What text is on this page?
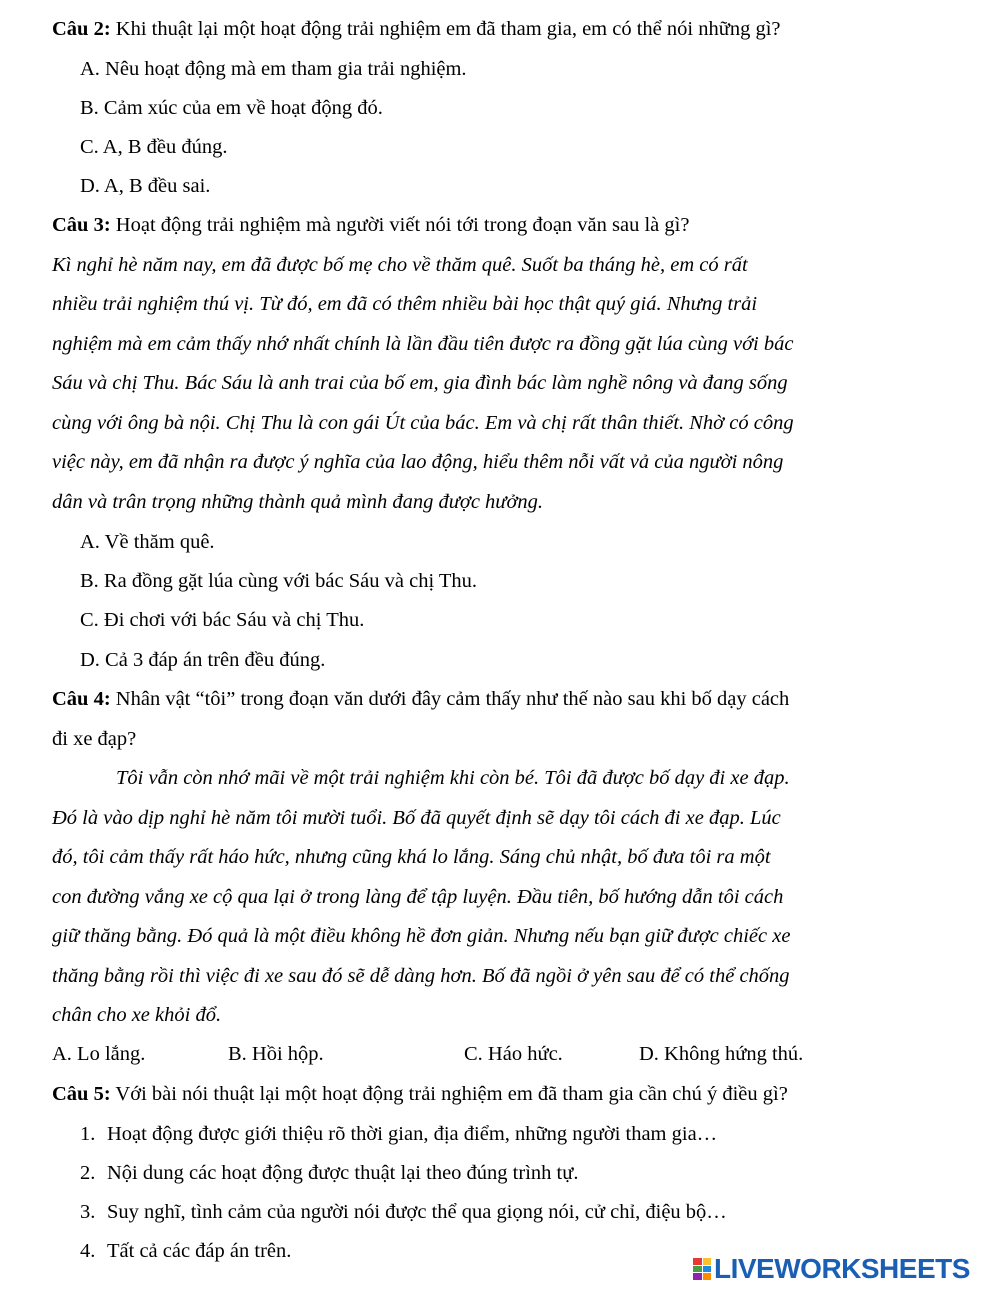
Câu 2: Khi thuật lại một hoạt động trải nghiệm em đã tham gia, em có thể nói những gì?
A. Nêu hoạt động mà em tham gia trải nghiệm.
B. Cảm xúc của em về hoạt động đó.
C. A, B đều đúng.
D. A, B đều sai.
Câu 3: Hoạt động trải nghiệm mà người viết nói tới trong đoạn văn sau là gì?
Kì nghỉ hè năm nay, em đã được bố mẹ cho về thăm quê. Suốt ba tháng hè, em có rất
nhiều trải nghiệm thú vị. Từ đó, em đã có thêm nhiều bài học thật quý giá. Nhưng trải
nghiệm mà em cảm thấy nhớ nhất chính là lần đầu tiên được ra đồng gặt lúa cùng với bác
Sáu và chị Thu. Bác Sáu là anh trai của bố em, gia đình bác làm nghề nông và đang sống
cùng với ông bà nội. Chị Thu là con gái Út của bác. Em và chị rất thân thiết. Nhờ có công
việc này, em đã nhận ra được ý nghĩa của lao động, hiểu thêm nỗi vất vả của người nông
dân và trân trọng những thành quả mình đang được hưởng.
A. Về thăm quê.
B. Ra đồng gặt lúa cùng với bác Sáu và chị Thu.
C. Đi chơi với bác Sáu và chị Thu.
D. Cả 3 đáp án trên đều đúng.
Câu 4: Nhân vật “tôi” trong đoạn văn dưới đây cảm thấy như thế nào sau khi bố dạy cách
đi xe đạp?
Tôi vẫn còn nhớ mãi về một trải nghiệm khi còn bé. Tôi đã được bố dạy đi xe đạp.
Đó là vào dịp nghỉ hè năm tôi mười tuổi. Bố đã quyết định sẽ dạy tôi cách đi xe đạp. Lúc
đó, tôi cảm thấy rất háo hức, nhưng cũng khá lo lắng. Sáng chủ nhật, bố đưa tôi ra một
con đường vắng xe cộ qua lại ở trong làng để tập luyện. Đầu tiên, bố hướng dẫn tôi cách
giữ thăng bằng. Đó quả là một điều không hề đơn giản. Nhưng nếu bạn giữ được chiếc xe
thăng bằng rồi thì việc đi xe sau đó sẽ dễ dàng hơn. Bố đã ngồi ở yên sau để có thể chống
chân cho xe khỏi đổ.
A. Lo lắng.	B. Hồi hộp.	C. Háo hức.	D. Không hứng thú.
Câu 5: Với bài nói thuật lại một hoạt động trải nghiệm em đã tham gia cần chú ý điều gì?
1. Hoạt động được giới thiệu rõ thời gian, địa điểm, những người tham gia…
2. Nội dung các hoạt động được thuật lại theo đúng trình tự.
3. Suy nghĩ, tình cảm của người nói được thể qua giọng nói, cử chỉ, điệu bộ…
4. Tất cả các đáp án trên.
LIVEWORKSHEETS
